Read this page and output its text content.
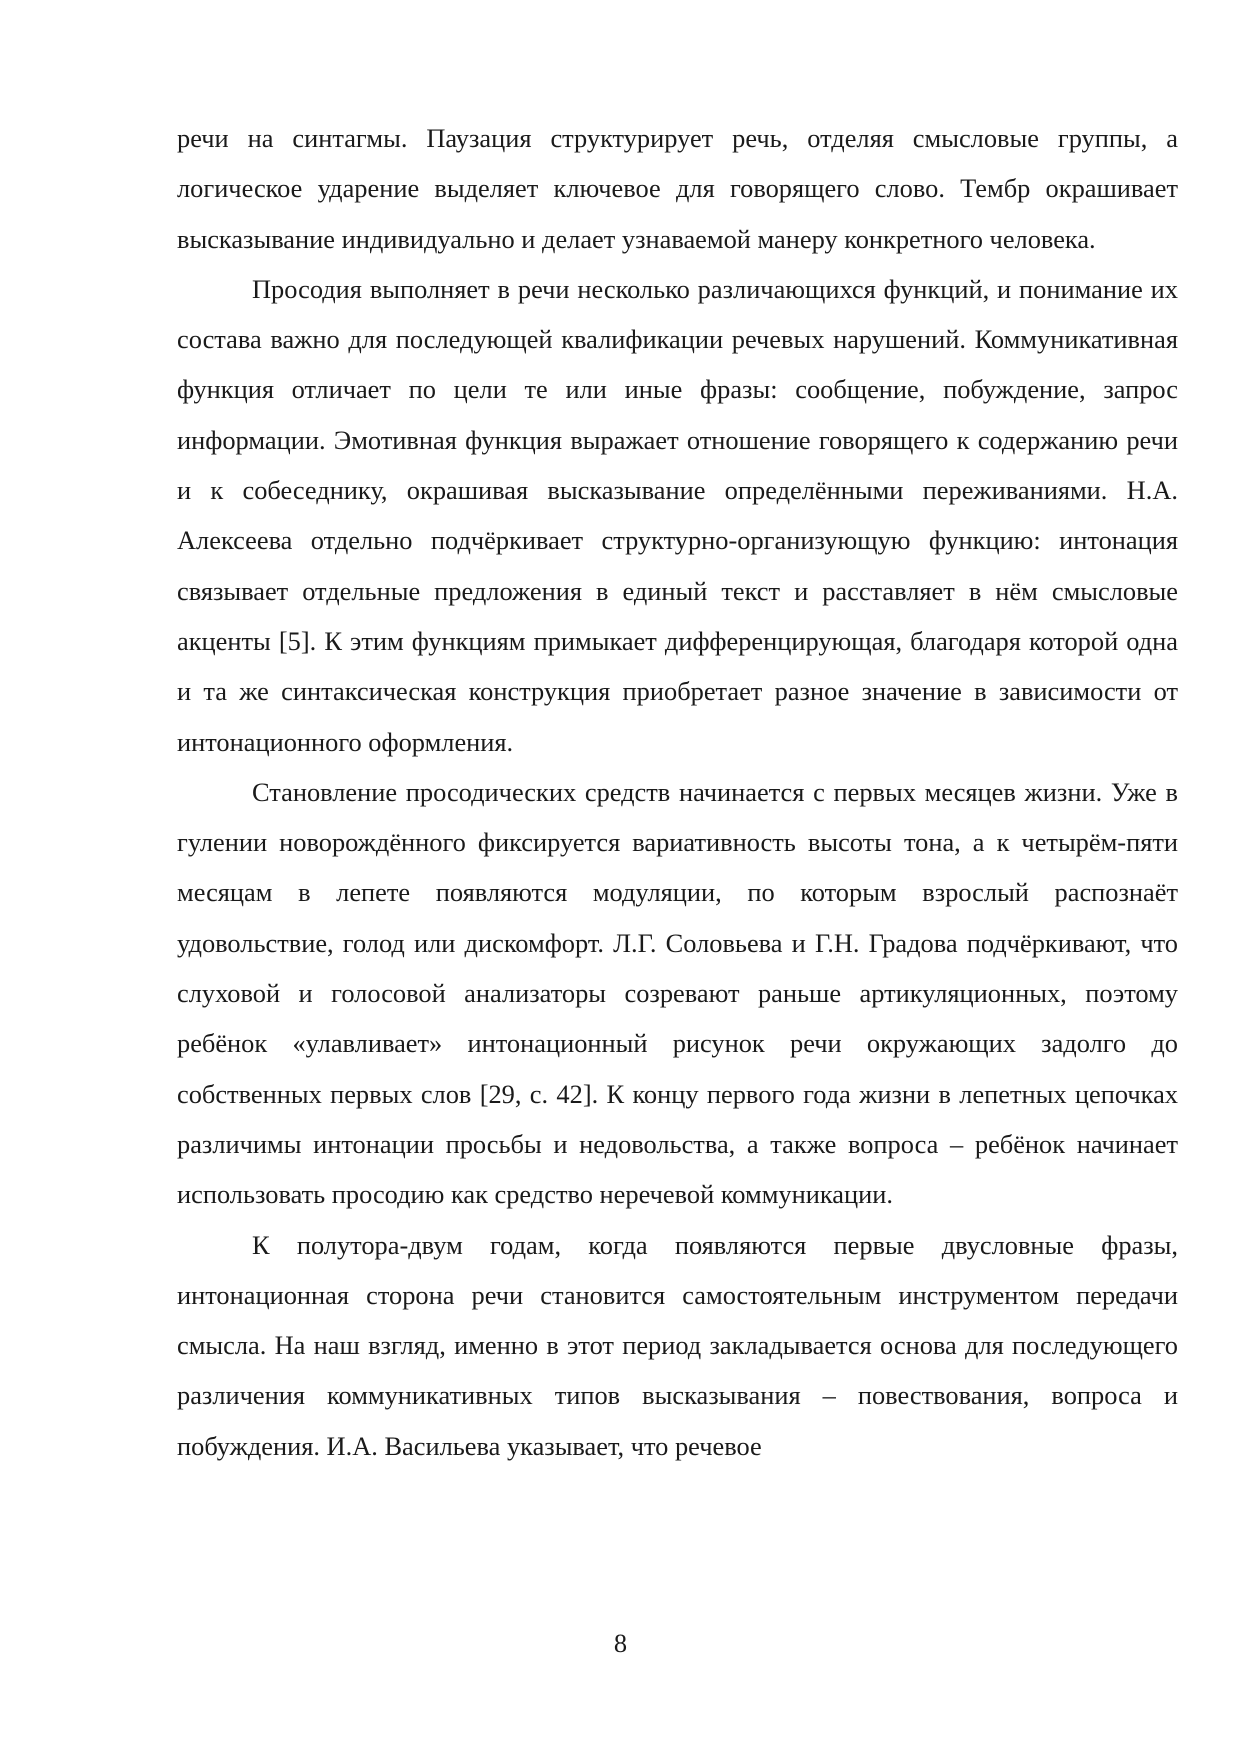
речи на синтагмы. Паузация структурирует речь, отделяя смысловые группы, а логическое ударение выделяет ключевое для говорящего слово. Тембр окрашивает высказывание индивидуально и делает узнаваемой манеру конкретного человека.

Просодия выполняет в речи несколько различающихся функций, и понимание их состава важно для последующей квалификации речевых нарушений. Коммуникативная функция отличает по цели те или иные фразы: сообщение, побуждение, запрос информации. Эмотивная функция выражает отношение говорящего к содержанию речи и к собеседнику, окрашивая высказывание определёнными переживаниями. Н.А. Алексеева отдельно подчёркивает структурно-организующую функцию: интонация связывает отдельные предложения в единый текст и расставляет в нём смысловые акценты [5]. К этим функциям примыкает дифференцирующая, благодаря которой одна и та же синтаксическая конструкция приобретает разное значение в зависимости от интонационного оформления.

Становление просодических средств начинается с первых месяцев жизни. Уже в гулении новорождённого фиксируется вариативность высоты тона, а к четырём-пяти месяцам в лепете появляются модуляции, по которым взрослый распознаёт удовольствие, голод или дискомфорт. Л.Г. Соловьева и Г.Н. Градова подчёркивают, что слуховой и голосовой анализаторы созревают раньше артикуляционных, поэтому ребёнок «улавливает» интонационный рисунок речи окружающих задолго до собственных первых слов [29, с. 42]. К концу первого года жизни в лепетных цепочках различимы интонации просьбы и недовольства, а также вопроса – ребёнок начинает использовать просодию как средство неречевой коммуникации.

К полутора-двум годам, когда появляются первые двусловные фразы, интонационная сторона речи становится самостоятельным инструментом передачи смысла. На наш взгляд, именно в этот период закладывается основа для последующего различения коммуникативных типов высказывания – повествования, вопроса и побуждения. И.А. Васильева указывает, что речевое

8
